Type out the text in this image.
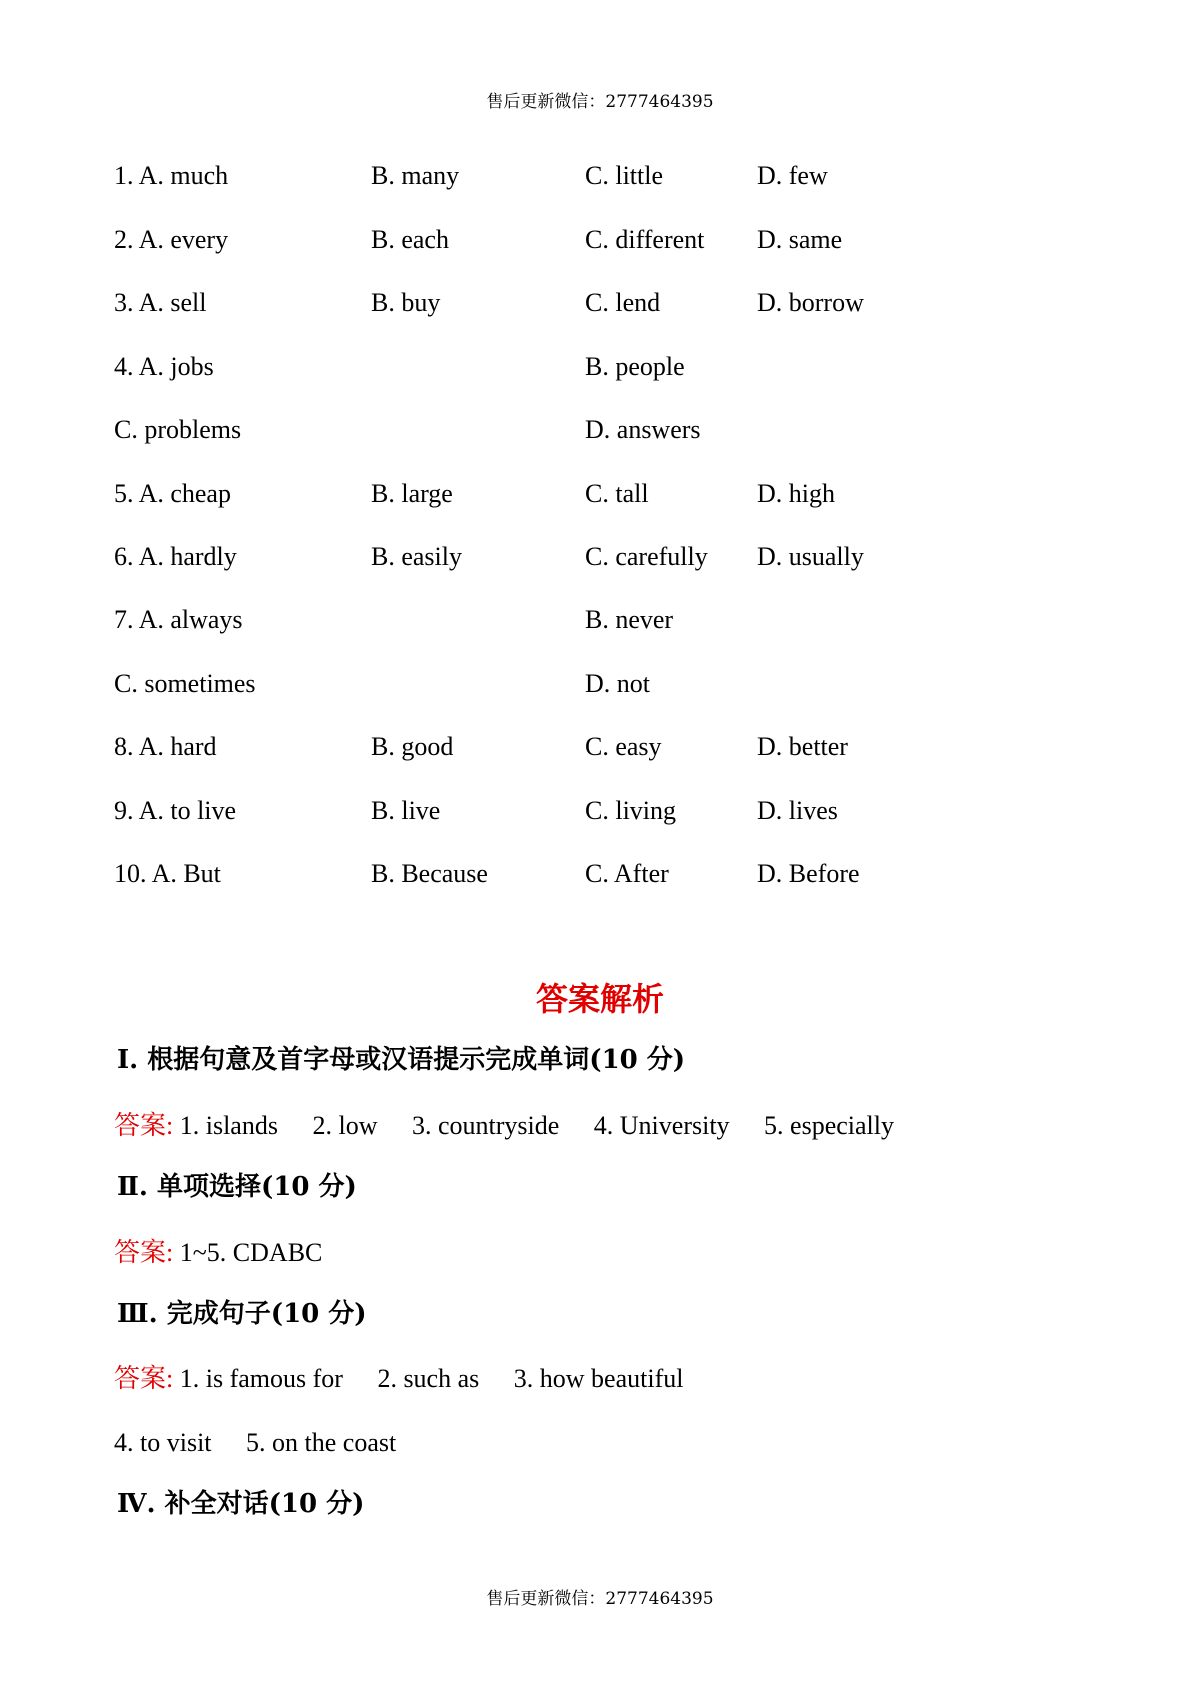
售后更新微信：2777464395
1. A. much	B. many	C. little	D. few
2. A. every	B. each	C. different D. same
3. A. sell	B. buy	C. lend	D. borrow
4. A. jobs	B. people
C. problems	D. answers
5. A. cheap	B. large	C. tall	D. high
6. A. hardly	B. easily	C. carefully D. usually
7. A. always	B. never
C. sometimes	D. not
8. A. hard	B. good	C. easy	D. better
9. A. to live	B. live	C. living	D. lives
10. A. But	B. Because	C. After	D. Before
答案解析
Ⅰ. 根据句意及首字母或汉语提示完成单词(10 分)
答案: 1. islands 2. low 3. countryside 4. University 5. especially
Ⅱ. 单项选择(10 分)
答案: 1~5. CDABC
Ⅲ. 完成句子(10 分)
答案: 1. is famous for 2. such as 3. how beautiful
4. to visit 5. on the coast
Ⅳ. 补全对话(10 分)
售后更新微信：2777464395
